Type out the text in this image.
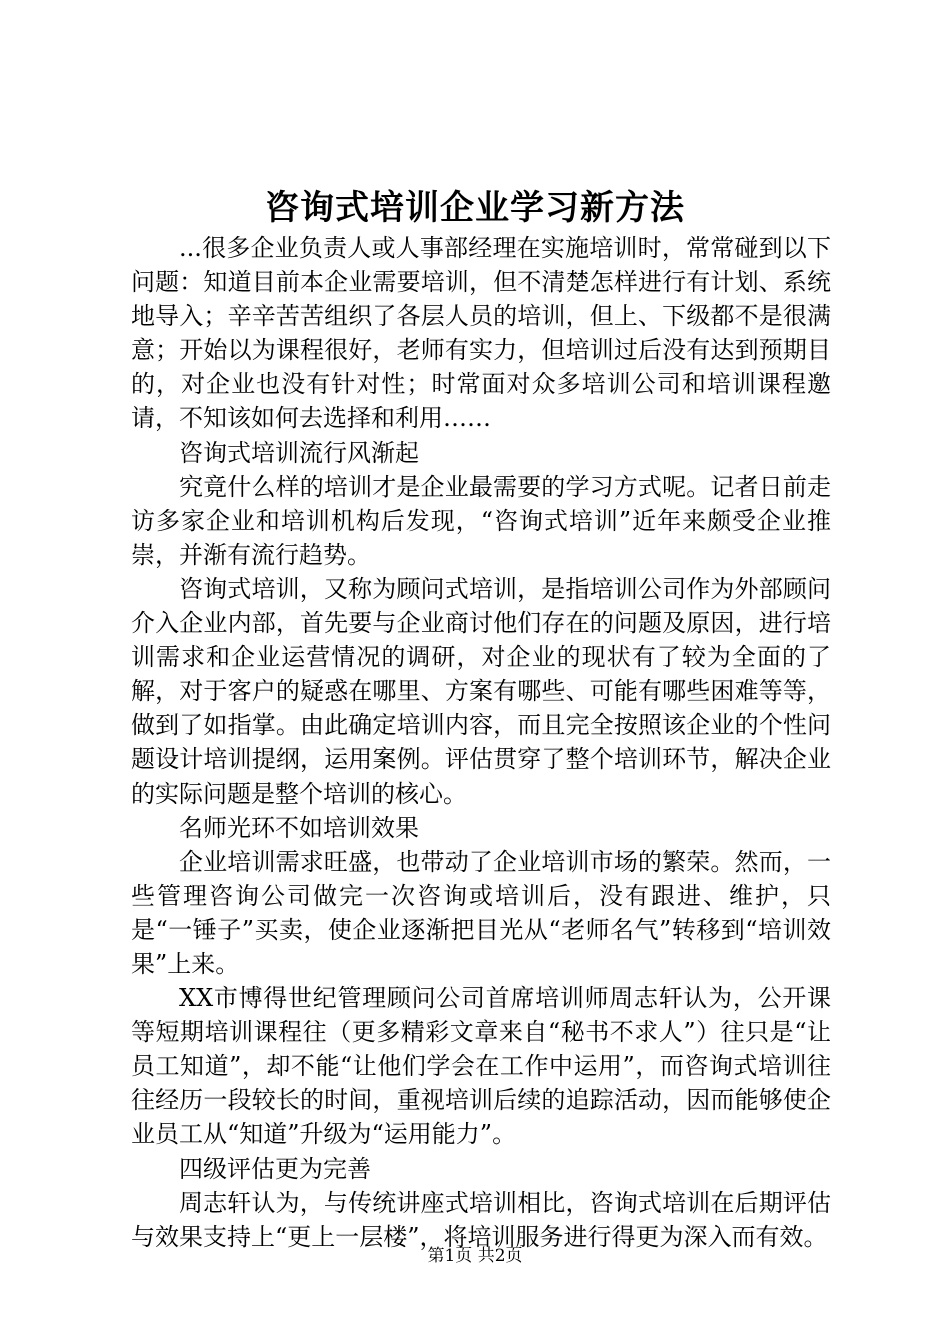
咨询式培训企业学习新方法

...很多企业负责人或人事部经理在实施培训时，常常碰到以下问题：知道目前本企业需要培训，但不清楚怎样进行有计划、系统地导入；辛辛苦苦组织了各层人员的培训，但上、下级都不是很满意；开始以为课程很好，老师有实力，但培训过后没有达到预期目的，对企业也没有针对性；时常面对众多培训公司和培训课程邀请，不知该如何去选择和利用……

咨询式培训流行风渐起

究竟什么样的培训才是企业最需要的学习方式呢。记者日前走访多家企业和培训机构后发现，“咨询式培训”近年来颇受企业推崇，并渐有流行趋势。

咨询式培训，又称为顾问式培训，是指培训公司作为外部顾问介入企业内部，首先要与企业商讨他们存在的问题及原因，进行培训需求和企业运营情况的调研，对企业的现状有了较为全面的了解，对于客户的疑惑在哪里、方案有哪些、可能有哪些困难等等，做到了如指掌。由此确定培训内容，而且完全按照该企业的个性问题设计培训提纲，运用案例。评估贯穿了整个培训环节，解决企业的实际问题是整个培训的核心。

名师光环不如培训效果

企业培训需求旺盛，也带动了企业培训市场的繁荣。然而，一些管理咨询公司做完一次咨询或培训后，没有跟进、维护，只是“一锤子”买卖，使企业逐渐把目光从“老师名气”转移到“培训效果”上来。

XX市博得世纪管理顾问公司首席培训师周志轩认为，公开课等短期培训课程往（更多精彩文章来自“秘书不求人”）往只是“让员工知道”，却不能“让他们学会在工作中运用”，而咨询式培训往往经历一段较长的时间，重视培训后续的追踪活动，因而能够使企业员工从“知道”升级为“运用能力”。

四级评估更为完善

周志轩认为，与传统讲座式培训相比，咨询式培训在后期评估与效果支持上“更上一层楼”，将培训服务进行得更为深入而有效。

第1页 共2页
